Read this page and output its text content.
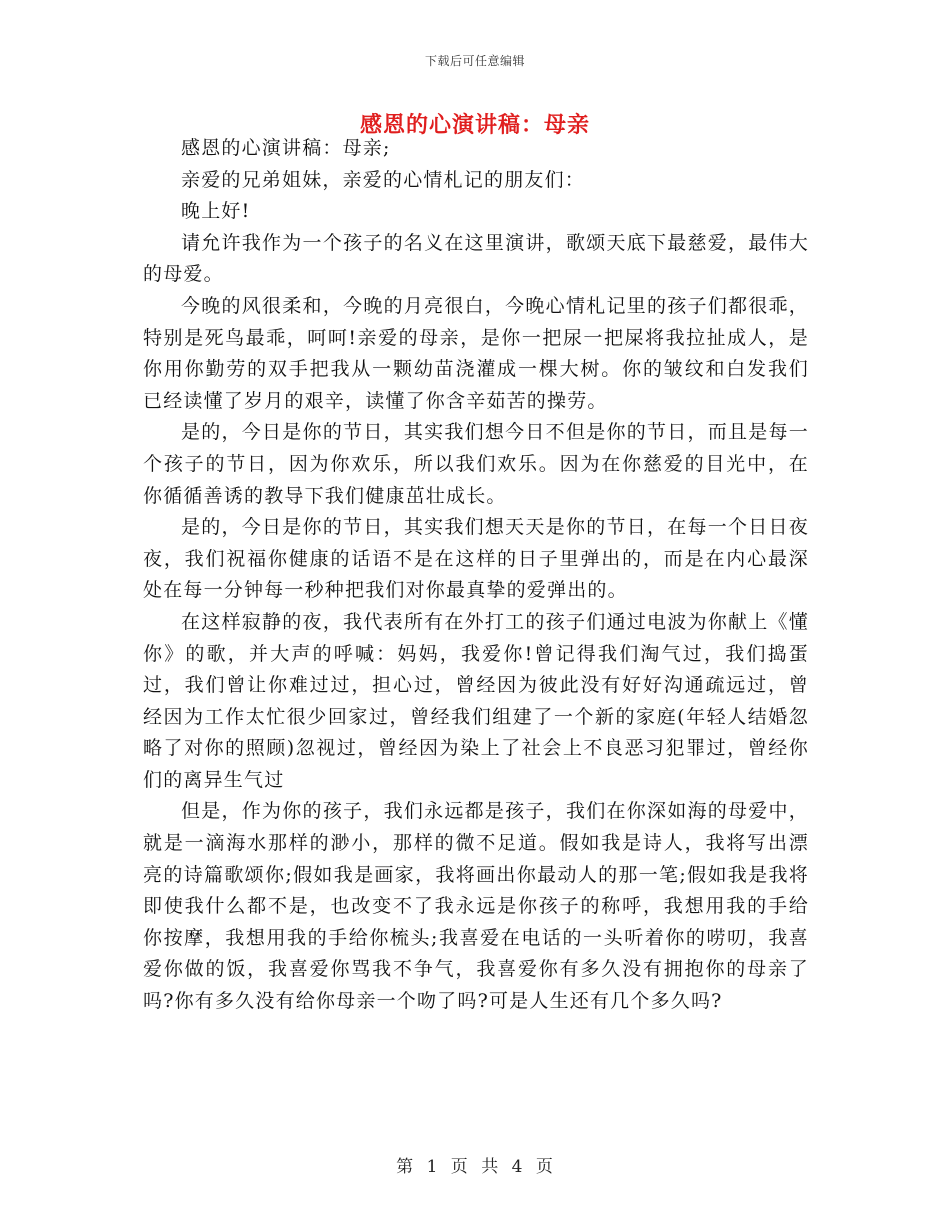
下载后可任意编辑
感恩的心演讲稿：母亲

感恩的心演讲稿：母亲;

亲爱的兄弟姐妹，亲爱的心情札记的朋友们：

晚上好!

请允许我作为一个孩子的名义在这里演讲，歌颂天底下最慈爱，最伟大的母爱。

今晚的风很柔和，今晚的月亮很白，今晚心情札记里的孩子们都很乖，特别是死鸟最乖，呵呵!亲爱的母亲，是你一把尿一把屎将我拉扯成人，是你用你勤劳的双手把我从一颗幼苗浇灌成一棵大树。你的皱纹和白发我们已经读懂了岁月的艰辛，读懂了你含辛茹苦的操劳。

是的，今日是你的节日，其实我们想今日不但是你的节日，而且是每一个孩子的节日，因为你欢乐，所以我们欢乐。因为在你慈爱的目光中，在你循循善诱的教导下我们健康茁壮成长。

是的，今日是你的节日，其实我们想天天是你的节日，在每一个日日夜夜，我们祝福你健康的话语不是在这样的日子里弹出的，而是在内心最深处在每一分钟每一秒种把我们对你最真挚的爱弹出的。

在这样寂静的夜，我代表所有在外打工的孩子们通过电波为你献上《懂你》的歌，并大声的呼喊：妈妈，我爱你!曾记得我们淘气过，我们捣蛋过，我们曾让你难过过，担心过，曾经因为彼此没有好好沟通疏远过，曾经因为工作太忙很少回家过，曾经我们组建了一个新的家庭(年轻人结婚忽略了对你的照顾)忽视过，曾经因为染上了社会上不良恶习犯罪过，曾经你们的离异生气过

但是，作为你的孩子，我们永远都是孩子，我们在你深如海的母爱中，就是一滴海水那样的渺小，那样的微不足道。假如我是诗人，我将写出漂亮的诗篇歌颂你;假如我是画家，我将画出你最动人的那一笔;假如我是我将即使我什么都不是，也改变不了我永远是你孩子的称呼，我想用我的手给你按摩，我想用我的手给你梳头;我喜爱在电话的一头听着你的唠叨，我喜爱你做的饭，我喜爱你骂我不争气，我喜爱你有多久没有拥抱你的母亲了吗?你有多久没有给你母亲一个吻了吗?可是人生还有几个多久吗?

第 1 页 共 4 页
